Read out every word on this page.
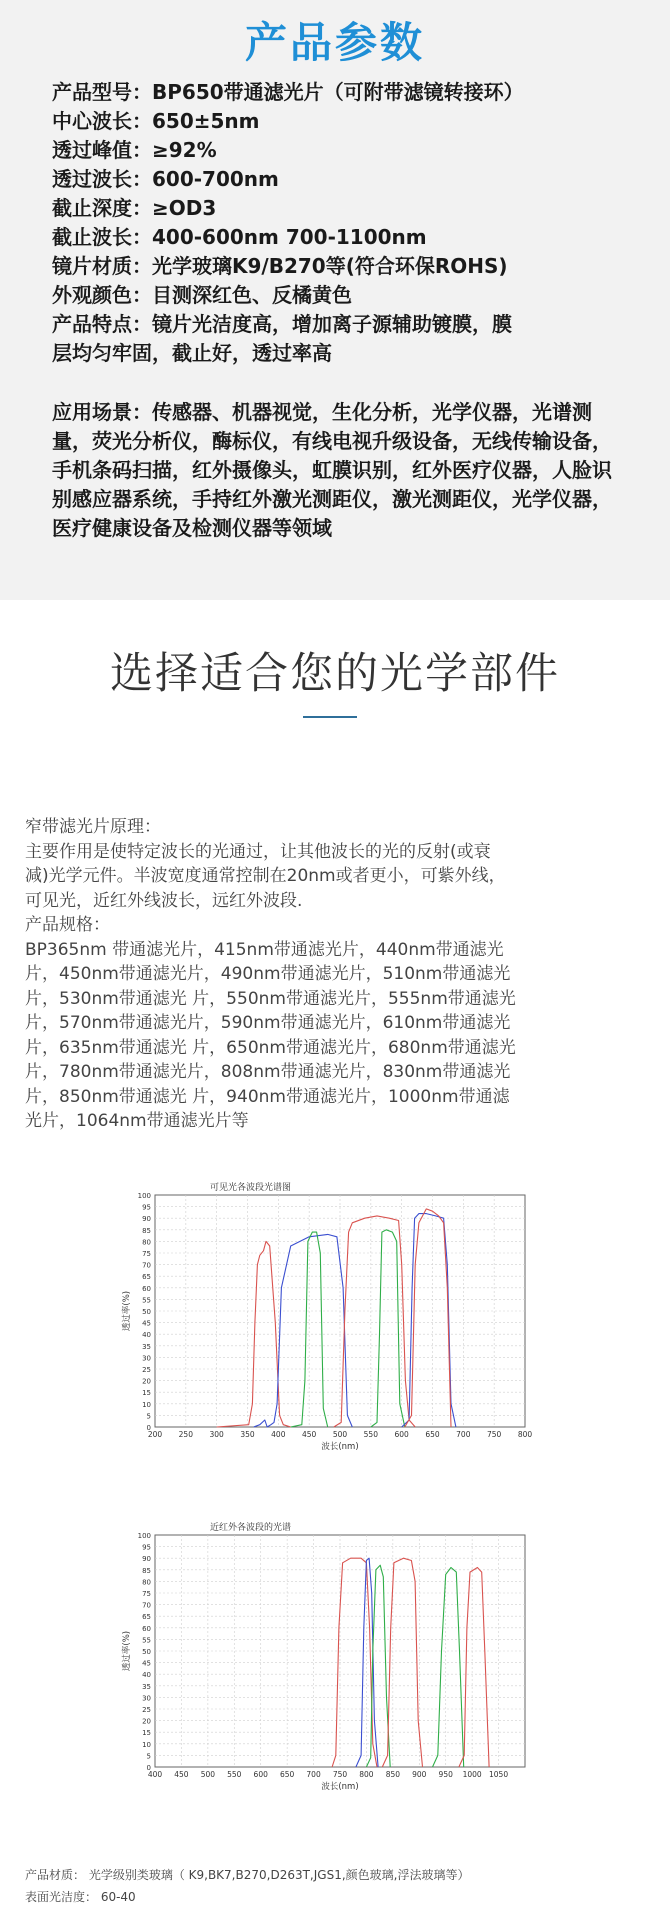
产品参数
产品型号：BP650带通滤光片（可附带滤镜转接环）
中心波长：650±5nm
透过峰值：≥92%
透过波长：600-700nm
截止深度：≥OD3
截止波长：400-600nm 700-1100nm
镜片材质：光学玻璃K9/B270等(符合环保ROHS)
外观颜色：目测深红色、反橘黄色
产品特点：镜片光洁度高，增加离子源辅助镀膜，膜
层均匀牢固，截止好，透过率高
应用场景：传感器、机器视觉，生化分析，光学仪器，光谱测量，荧光分析仪，酶标仪，有线电视升级设备，无线传输设备，手机条码扫描，红外摄像头，虹膜识别，红外医疗仪器，人脸识别感应器系统，手持红外激光测距仪，激光测距仪，光学仪器，医疗健康设备及检测仪器等领域
选择适合您的光学部件
窄带滤光片原理：
主要作用是使特定波长的光通过，让其他波长的光的反射(或衰
减)光学元件。半波宽度通常控制在20nm或者更小，可紫外线，
可见光，近红外线波长，远红外波段.
产品规格：
BP365nm 带通滤光片，415nm带通滤光片，440nm带通滤光
片，450nm带通滤光片，490nm带通滤光片，510nm带通滤光
片，530nm带通滤光 片，550nm带通滤光片，555nm带通滤光
片，570nm带通滤光片，590nm带通滤光片，610nm带通滤光
片，635nm带通滤光 片，650nm带通滤光片，680nm带通滤光
片，780nm带通滤光片，808nm带通滤光片，830nm带通滤光
片，850nm带通滤光 片，940nm带通滤光片，1000nm带通滤
光片，1064nm带通滤光片等
0
5
10
15
20
25
30
35
40
45
50
55
60
65
70
75
80
85
90
95
100
200 250 300 350 400 450 500 550 600 650 700 750 800
可见光各波段光谱图
波长(nm)
透过率(%)
0
5
10
15
20
25
30
35
40
45
50
55
60
65
70
75
80
85
90
95
100
400 450 500 550 600 650 700 750 800 850 900 950 1000 1050
近红外各波段的光谱
波长(nm)
透过率(%)
产品材质： 光学级别类玻璃（ K9,BK7,B270,D263T,JGS1,颜色玻璃,浮法玻璃等）
表面光洁度： 60-40
